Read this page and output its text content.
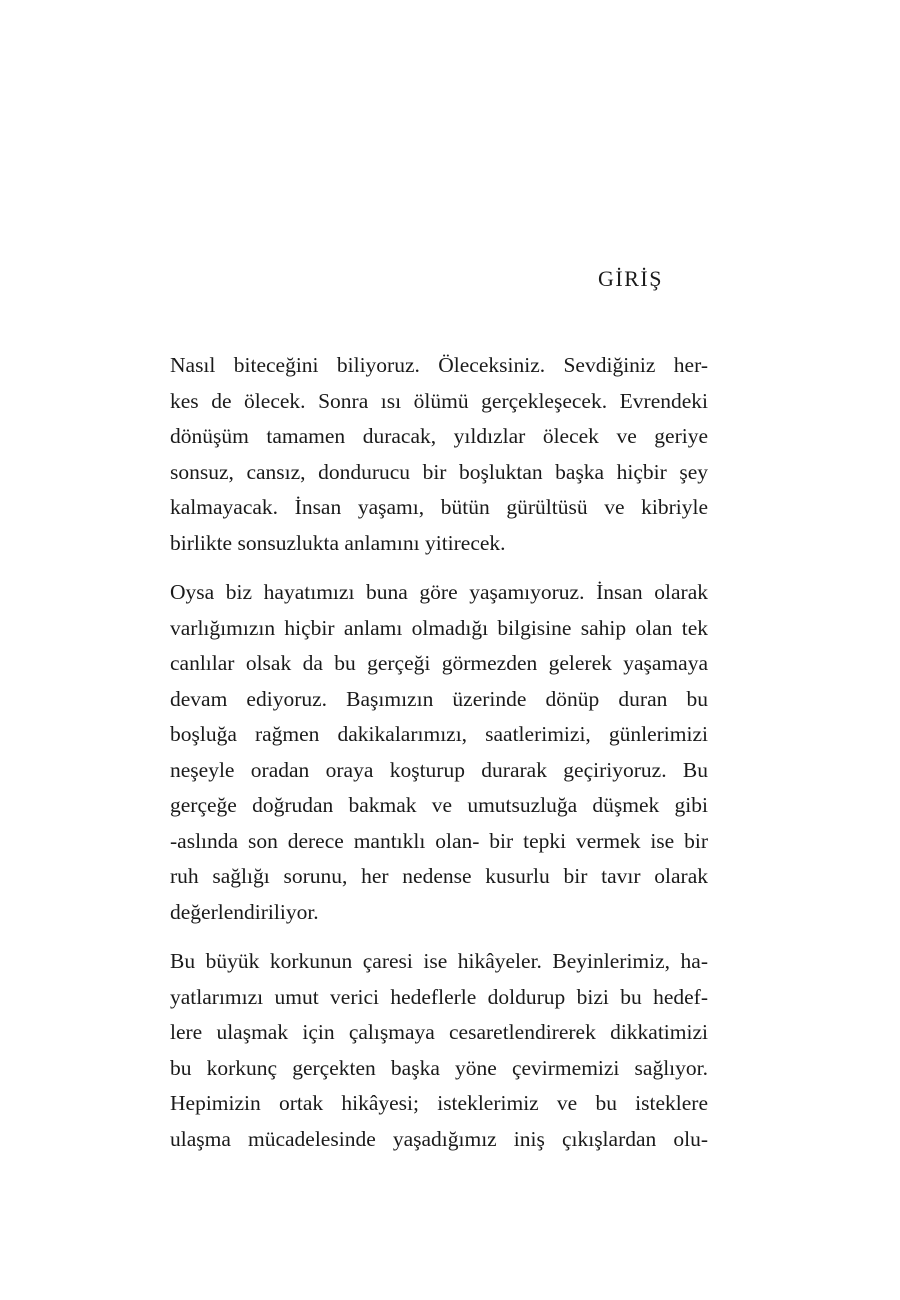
GİRİŞ

Nasıl biteceğini biliyoruz. Öleceksiniz. Sevdiğiniz her-
kes de ölecek. Sonra ısı ölümü gerçekleşecek. Evrendeki
dönüşüm tamamen duracak, yıldızlar ölecek ve geriye
sonsuz, cansız, dondurucu bir boşluktan başka hiçbir şey
kalmayacak. İnsan yaşamı, bütün gürültüsü ve kibriyle
birlikte sonsuzlukta anlamını yitirecek.

Oysa biz hayatımızı buna göre yaşamıyoruz. İnsan olarak
varlığımızın hiçbir anlamı olmadığı bilgisine sahip olan tek
canlılar olsak da bu gerçeği görmezden gelerek yaşamaya
devam ediyoruz. Başımızın üzerinde dönüp duran bu
boşluğa rağmen dakikalarımızı, saatlerimizi, günlerimizi
neşeyle oradan oraya koşturup durarak geçiriyoruz. Bu
gerçeğe doğrudan bakmak ve umutsuzluğa düşmek gibi
-aslında son derece mantıklı olan- bir tepki vermek ise bir
ruh sağlığı sorunu, her nedense kusurlu bir tavır olarak
değerlendiriliyor.

Bu büyük korkunun çaresi ise hikâyeler. Beyinlerimiz, ha-
yatlarımızı umut verici hedeflerle doldurup bizi bu hedef-
lere ulaşmak için çalışmaya cesaretlendirerek dikkatimizi
bu korkunç gerçekten başka yöne çevirmemizi sağlıyor.
Hepimizin ortak hikâyesi; isteklerimiz ve bu isteklere
ulaşma mücadelesinde yaşadığımız iniş çıkışlardan olu-
